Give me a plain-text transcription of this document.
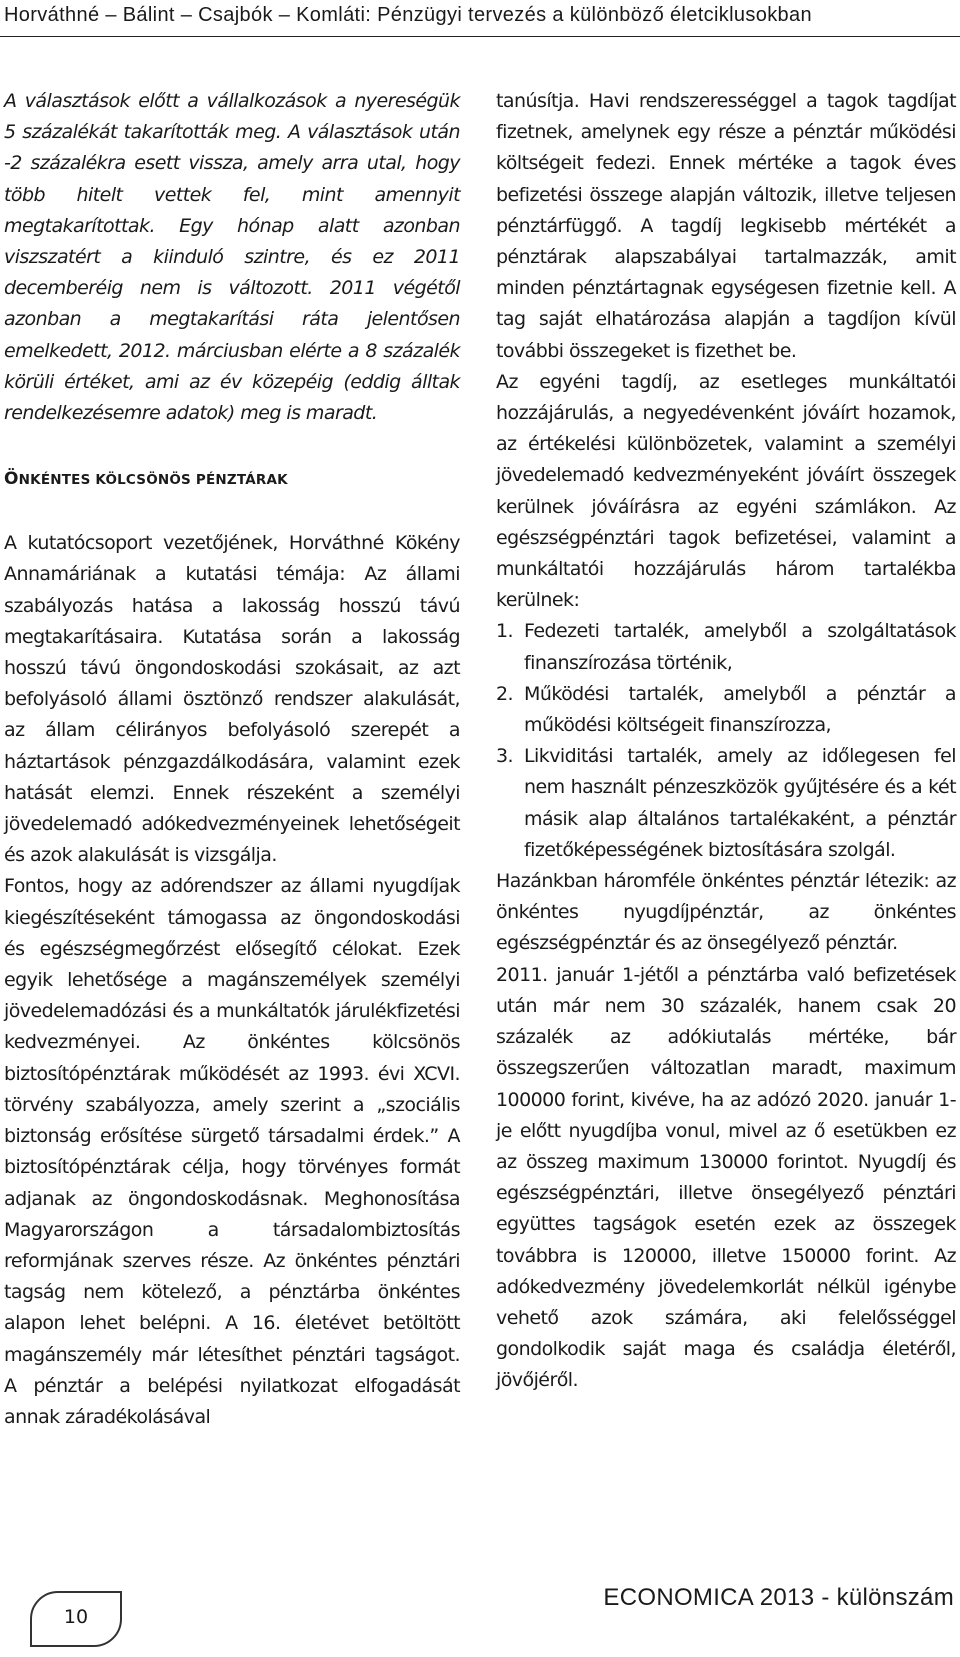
Horváthné – Bálint – Csajbók – Komláti: Pénzügyi tervezés a különböző életciklusokban

A választások előtt a vállalkozások a nyereségük 5 százalékát takarították meg. A választások után -2 százalékra esett vissza, amely arra utal, hogy több hitelt vettek fel, mint amennyit megtakarítottak. Egy hónap alatt azonban viszszatért a kiinduló szintre, és ez 2011 decemberéig nem is változott. 2011 végétől azonban a megtakarítási ráta jelentősen emelkedett, 2012. márciusban elérte a 8 százalék körüli értéket, ami az év közepéig (eddig álltak rendelkezésemre adatok) meg is maradt.

ÖNKÉNTES KÖLCSÖNÖS PÉNZTÁRAK

A kutatócsoport vezetőjének, Horváthné Kökény Annamáriának a kutatási témája: Az állami szabályozás hatása a lakosság hosszú távú megtakarításaira. Kutatása során a lakosság hosszú távú öngondoskodási szokásait, az azt befolyásoló állami ösztönző rendszer alakulását, az állam célirányos befolyásoló szerepét a háztartások pénzgazdálkodására, valamint ezek hatását elemzi. Ennek részeként a személyi jövedelemadó adókedvezményeinek lehetőségeit és azok alakulását is vizsgálja.

Fontos, hogy az adórendszer az állami nyugdíjak kiegészítéseként támogassa az öngondoskodási és egészségmegőrzést elősegítő célokat. Ezek egyik lehetősége a magánszemélyek személyi jövedelemadózási és a munkáltatók járulékfizetési kedvezményei. Az önkéntes kölcsönös biztosítópénztárak működését az 1993. évi XCVI. törvény szabályozza, amely szerint a „szociális biztonság erősítése sürgető társadalmi érdek.” A biztosítópénztárak célja, hogy törvényes formát adjanak az öngondoskodásnak. Meghonosítása Magyarországon a társadalombiztosítás reformjának szerves része. Az önkéntes pénztári tagság nem kötelező, a pénztárba önkéntes alapon lehet belépni. A 16. életévet betöltött magánszemély már létesíthet pénztári tagságot. A pénztár a belépési nyilatkozat elfogadását annak záradékolásával

tanúsítja. Havi rendszerességgel a tagok tagdíjat fizetnek, amelynek egy része a pénztár működési költségeit fedezi. Ennek mértéke a tagok éves befizetési összege alapján változik, illetve teljesen pénztárfüggő. A tagdíj legkisebb mértékét a pénztárak alapszabályai tartalmazzák, amit minden pénztártagnak egységesen fizetnie kell. A tag saját elhatározása alapján a tagdíjon kívül további összegeket is fizethet be.

Az egyéni tagdíj, az esetleges munkáltatói hozzájárulás, a negyedévenként jóváírt hozamok, az értékelési különbözetek, valamint a személyi jövedelemadó kedvezményeként jóváírt összegek kerülnek jóváírásra az egyéni számlákon. Az egészségpénztári tagok befizetései, valamint a munkáltatói hozzájárulás három tartalékba kerülnek:

1. Fedezeti tartalék, amelyből a szolgáltatások finanszírozása történik,
2. Működési tartalék, amelyből a pénztár a működési költségeit finanszírozza,
3. Likviditási tartalék, amely az időlegesen fel nem használt pénzeszközök gyűjtésére és a két másik alap általános tartalékaként, a pénztár fizetőképességének biztosítására szolgál.

Hazánkban háromféle önkéntes pénztár létezik: az önkéntes nyugdíjpénztár, az önkéntes egészségpénztár és az önsegélyező pénztár.

2011. január 1-jétől a pénztárba való befizetések után már nem 30 százalék, hanem csak 20 százalék az adókiutalás mértéke, bár összegszerűen változatlan maradt, maximum 100000 forint, kivéve, ha az adózó 2020. január 1-je előtt nyugdíjba vonul, mivel az ő esetükben ez az összeg maximum 130000 forintot. Nyugdíj és egészségpénztári, illetve önsegélyező pénztári együttes tagságok esetén ezek az összegek továbbra is 120000, illetve 150000 forint. Az adókedvezmény jövedelemkorlát nélkül igénybe vehető azok számára, aki felelősséggel gondolkodik saját maga és családja életéről, jövőjéről.

10
ECONOMICA 2013 - különszám
